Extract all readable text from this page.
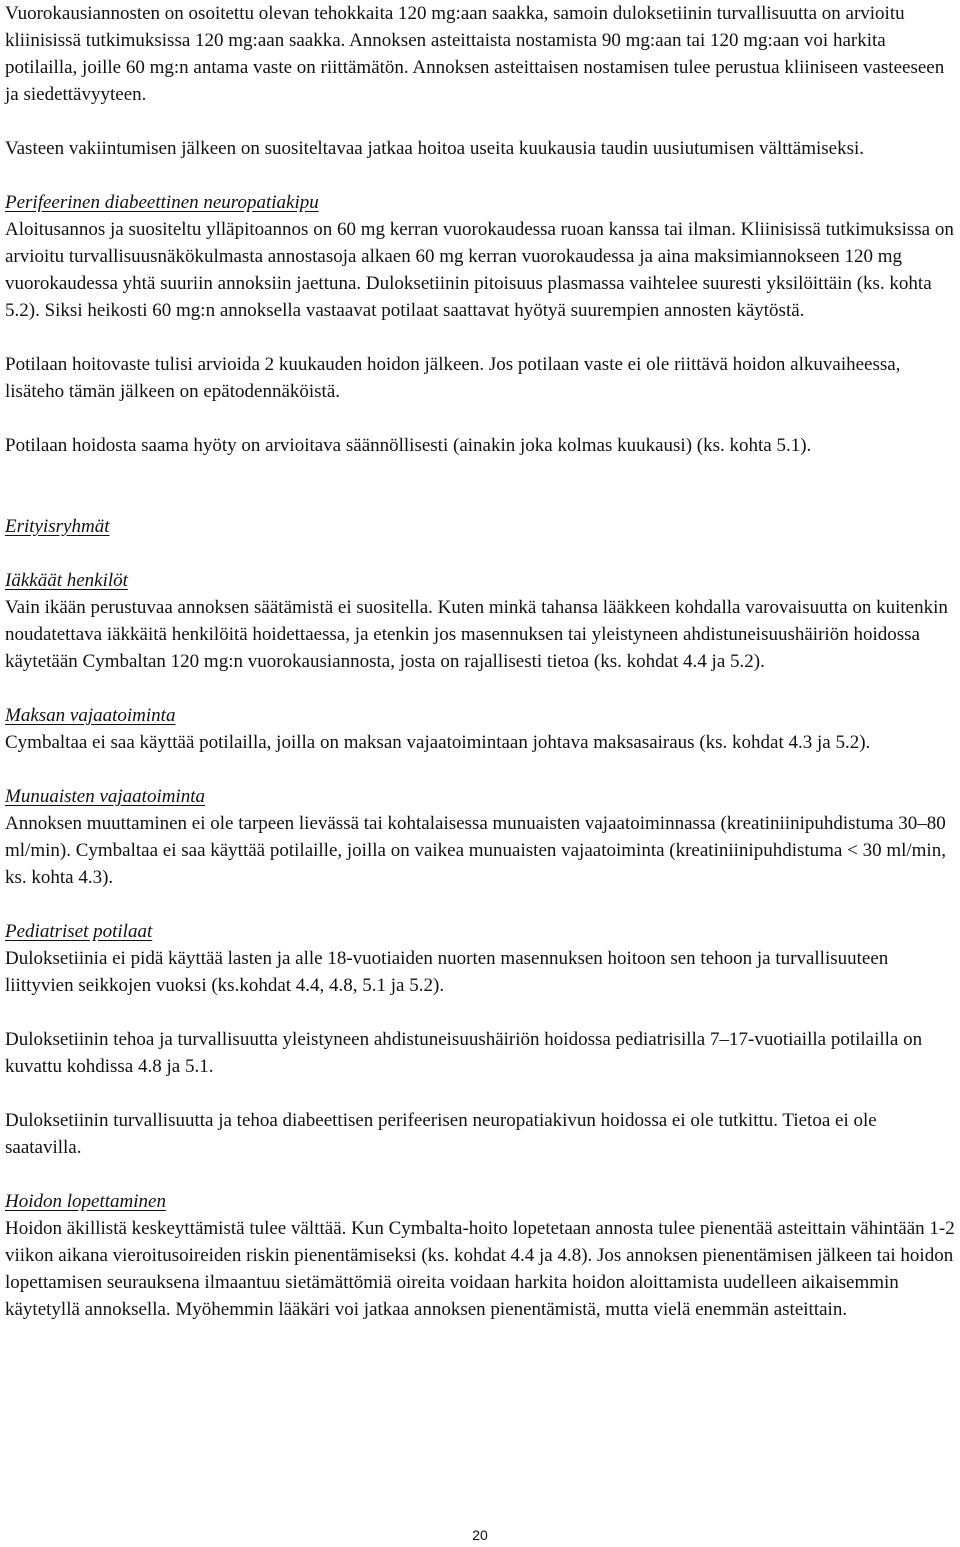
Vuorokausiannosten on osoitettu olevan tehokkaita 120 mg:aan saakka, samoin duloksetiinin turvallisuutta on arvioitu kliinisissä tutkimuksissa 120 mg:aan saakka. Annoksen asteittaista nostamista 90 mg:aan tai 120 mg:aan voi harkita potilailla, joille 60 mg:n antama vaste on riittämätön. Annoksen asteittaisen nostamisen tulee perustua kliiniseen vasteeseen ja siedettävyyteen.

Vasteen vakiintumisen jälkeen on suositeltavaa jatkaa hoitoa useita kuukausia taudin uusiutumisen välttämiseksi.

Perifeerinen diabeettinen neuropatiakipu

Aloitusannos ja suositeltu ylläpitoannos on 60 mg kerran vuorokaudessa ruoan kanssa tai ilman. Kliinisissä tutkimuksissa on arvioitu turvallisuusnäkökulmasta annostasoja alkaen 60 mg kerran vuorokaudessa ja aina maksimiannokseen 120 mg vuorokaudessa yhtä suuriin annoksiin jaettuna. Duloksetiinin pitoisuus plasmassa vaihtelee suuresti yksilöittäin (ks. kohta 5.2). Siksi heikosti 60 mg:n annoksella vastaavat potilaat saattavat hyötyä suurempien annosten käytöstä.

Potilaan hoitovaste tulisi arvioida 2 kuukauden hoidon jälkeen. Jos potilaan vaste ei ole riittävä hoidon alkuvaiheessa, lisäteho tämän jälkeen on epätodennäköistä.

Potilaan hoidosta saama hyöty on arvioitava säännöllisesti (ainakin joka kolmas kuukausi) (ks. kohta 5.1).

Erityisryhmät

Iäkkäät henkilöt

Vain ikään perustuvaa annoksen säätämistä ei suositella. Kuten minkä tahansa lääkkeen kohdalla varovaisuutta on kuitenkin noudatettava iäkkäitä henkilöitä hoidettaessa, ja etenkin jos masennuksen tai yleistyneen ahdistuneisuushäiriön hoidossa käytetään Cymbaltan 120 mg:n vuorokausiannosta, josta on rajallisesti tietoa (ks. kohdat 4.4 ja 5.2).

Maksan vajaatoiminta

Cymbaltaa ei saa käyttää potilailla, joilla on maksan vajaatoimintaan johtava maksasairaus (ks. kohdat 4.3 ja 5.2).

Munuaisten vajaatoiminta

Annoksen muuttaminen ei ole tarpeen lievässä tai kohtalaisessa munuaisten vajaatoiminnassa (kreatiniinipuhdistuma 30–80 ml/min). Cymbaltaa ei saa käyttää potilaille, joilla on vaikea munuaisten vajaatoiminta (kreatiniinipuhdistuma < 30 ml/min, ks. kohta 4.3).

Pediatriset potilaat

Duloksetiinia ei pidä käyttää lasten ja alle 18-vuotiaiden nuorten masennuksen hoitoon sen tehoon ja turvallisuuteen liittyvien seikkojen vuoksi (ks.kohdat 4.4, 4.8, 5.1 ja 5.2).

Duloksetiinin tehoa ja turvallisuutta yleistyneen ahdistuneisuushäiriön hoidossa pediatrisilla 7–17-vuotiailla potilailla on kuvattu kohdissa 4.8 ja 5.1.

Duloksetiinin turvallisuutta ja tehoa diabeettisen perifeerisen neuropatiakivun hoidossa ei ole tutkittu. Tietoa ei ole saatavilla.

Hoidon lopettaminen

Hoidon äkillistä keskeyttämistä tulee välttää. Kun Cymbalta-hoito lopetetaan annosta tulee pienentää asteittain vähintään 1-2 viikon aikana vieroitusoireiden riskin pienentämiseksi (ks. kohdat 4.4 ja 4.8). Jos annoksen pienentämisen jälkeen tai hoidon lopettamisen seurauksena ilmaantuu sietämättömiä oireita voidaan harkita hoidon aloittamista uudelleen aikaisemmin käytetyllä annoksella. Myöhemmin lääkäri voi jatkaa annoksen pienentämistä, mutta vielä enemmän asteittain.

20
